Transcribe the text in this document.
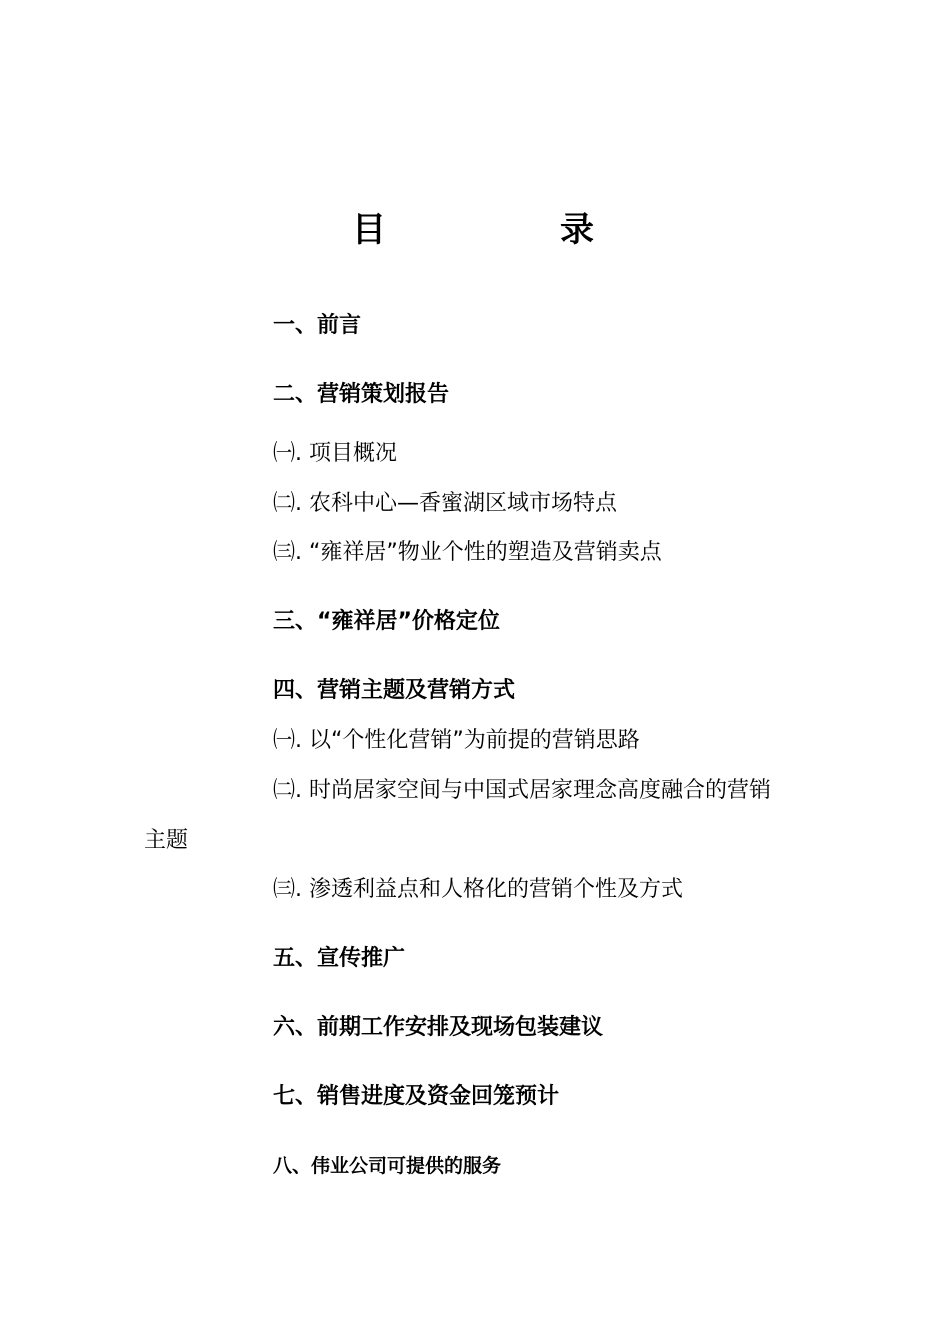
目	录
一、前言
二、营销策划报告
㈠. 项目概况
㈡. 农科中心—香蜜湖区域市场特点
㈢. “雍祥居”物业个性的塑造及营销卖点
三、“雍祥居”价格定位
四、营销主题及营销方式
㈠. 以“个性化营销”为前提的营销思路
㈡. 时尚居家空间与中国式居家理念高度融合的营销
主题
㈢. 渗透利益点和人格化的营销个性及方式
五、宣传推广
六、前期工作安排及现场包装建议
七、销售进度及资金回笼预计
八、伟业公司可提供的服务
